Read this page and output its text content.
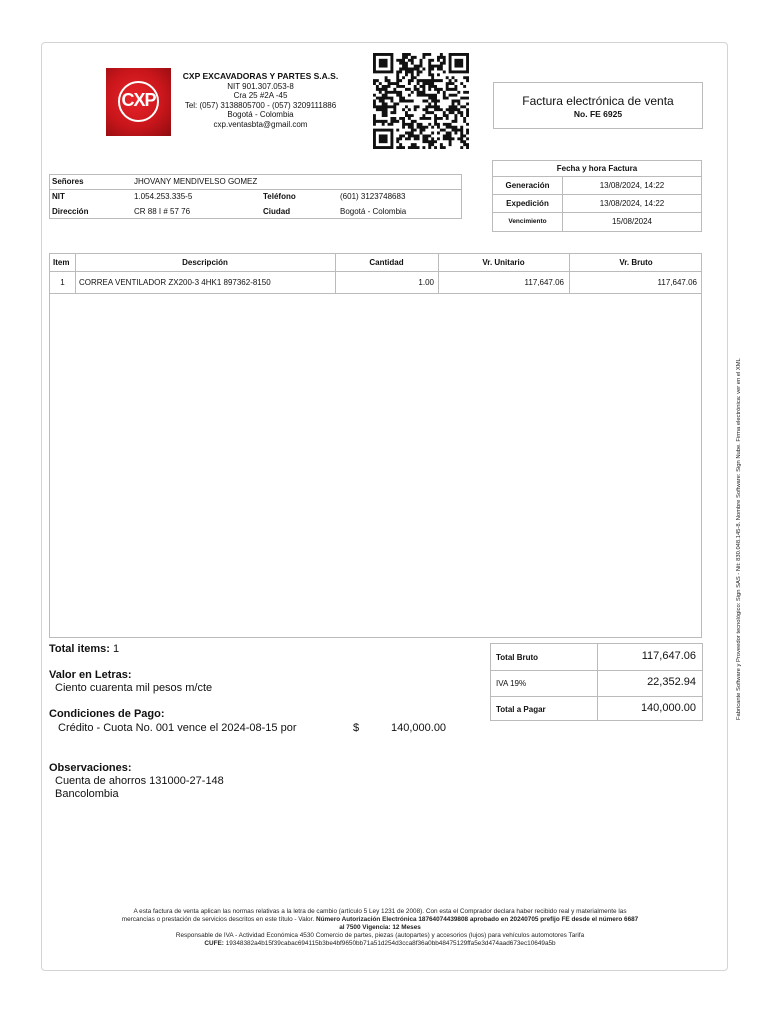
CXP
CXP EXCAVADORAS Y PARTES S.A.S.
NIT 901.307.053-8
Cra 25 #2A -45
Tel: (057) 3138805700 - (057) 3209111886
Bogotá - Colombia
cxp.ventasbta@gmail.com
Factura electrónica de venta
No. FE 6925
Fecha y hora Factura
Generación	13/08/2024, 14:22
Expedición	13/08/2024, 14:22
Vencimiento	15/08/2024
Señores	JHOVANY MENDIVELSO GOMEZ
NIT	1.054.253.335-5	Teléfono	(601) 3123748683
Dirección	CR 88 I # 57 76	Ciudad	Bogotá - Colombia
Item	Descripción	Cantidad	Vr. Unitario	Vr. Bruto
1	CORREA VENTILADOR ZX200-3 4HK1 897362-8150	1.00	117,647.06	117,647.06
Total items: 1
Valor en Letras:
Ciento cuarenta mil pesos m/cte
Condiciones de Pago:
Crédito - Cuota No. 001 vence el 2024-08-15 por	$	140,000.00
Observaciones:
Cuenta de ahorros 131000-27-148
Bancolombia
Total Bruto	117,647.06
IVA 19%	22,352.94
Total a Pagar	140,000.00	Fabricante Software y Proveedor tecnológico: Sign SAS - Nit: 830.048.145-8. Nombre Software: Sign Nube. Firma electrónica: ver en el XML
A esta factura de venta aplican las normas relativas a la letra de cambio (artículo 5 Ley 1231 de 2008). Con esta el Comprador declara haber recibido real y materialmente las
mercancías o prestación de servicios descritos en este título - Valor. Número Autorización Electrónica 18764074439808 aprobado en 20240705 prefijo FE desde el número 6687
al 7500 Vigencia: 12 Meses
Responsable de IVA - Actividad Económica 4530 Comercio de partes, piezas (autopartes) y accesorios (lujos) para vehículos automotores Tarifa
CUFE: 19348382a4b15f39cabac694115b3be4bf9650bb71a51d254d3cca8f36a0bb48475129ffa5e3d474aad673ec10649a5b
